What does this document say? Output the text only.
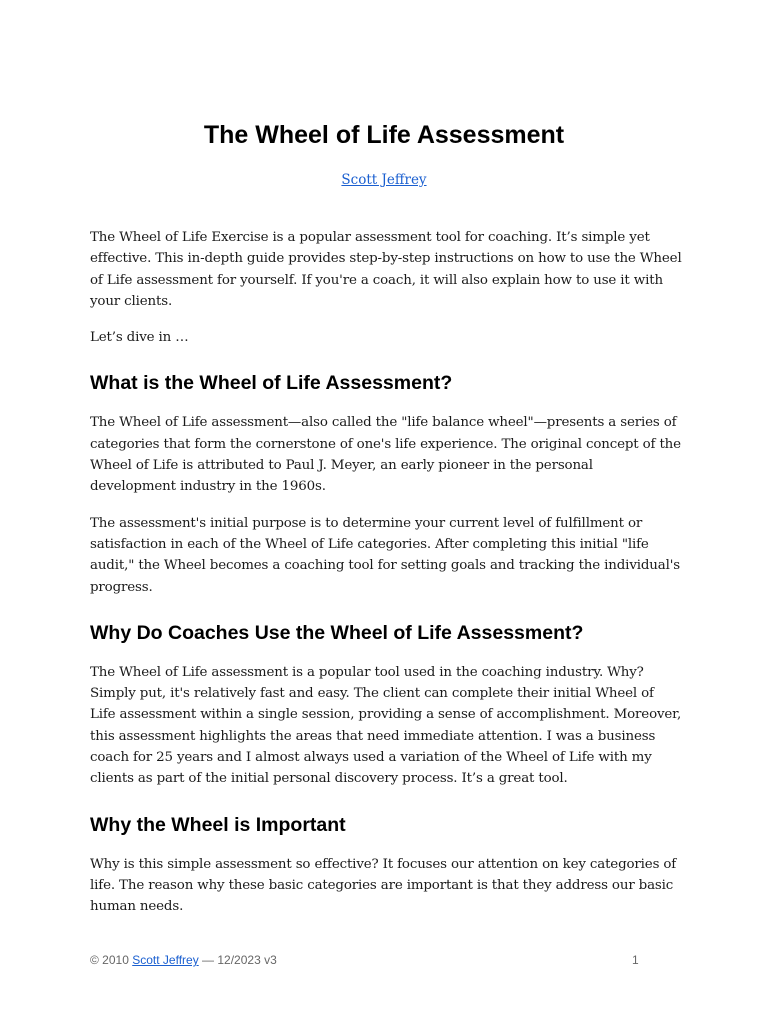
The Wheel of Life Assessment
Scott Jeffrey

The Wheel of Life Exercise is a popular assessment tool for coaching. It’s simple yet effective. This in-depth guide provides step-by-step instructions on how to use the Wheel of Life assessment for yourself. If you're a coach, it will also explain how to use it with your clients.

Let’s dive in …

What is the Wheel of Life Assessment?

The Wheel of Life assessment—also called the "life balance wheel"—presents a series of categories that form the cornerstone of one's life experience. The original concept of the Wheel of Life is attributed to Paul J. Meyer, an early pioneer in the personal development industry in the 1960s.

The assessment's initial purpose is to determine your current level of fulfillment or satisfaction in each of the Wheel of Life categories. After completing this initial "life audit," the Wheel becomes a coaching tool for setting goals and tracking the individual's progress.

Why Do Coaches Use the Wheel of Life Assessment?

The Wheel of Life assessment is a popular tool used in the coaching industry. Why? Simply put, it's relatively fast and easy. The client can complete their initial Wheel of Life assessment within a single session, providing a sense of accomplishment. Moreover, this assessment highlights the areas that need immediate attention. I was a business coach for 25 years and I almost always used a variation of the Wheel of Life with my clients as part of the initial personal discovery process. It’s a great tool.

Why the Wheel is Important

Why is this simple assessment so effective? It focuses our attention on key categories of life. The reason why these basic categories are important is that they address our basic human needs.

© 2010 Scott Jeffrey — 12/2023 v3	1
